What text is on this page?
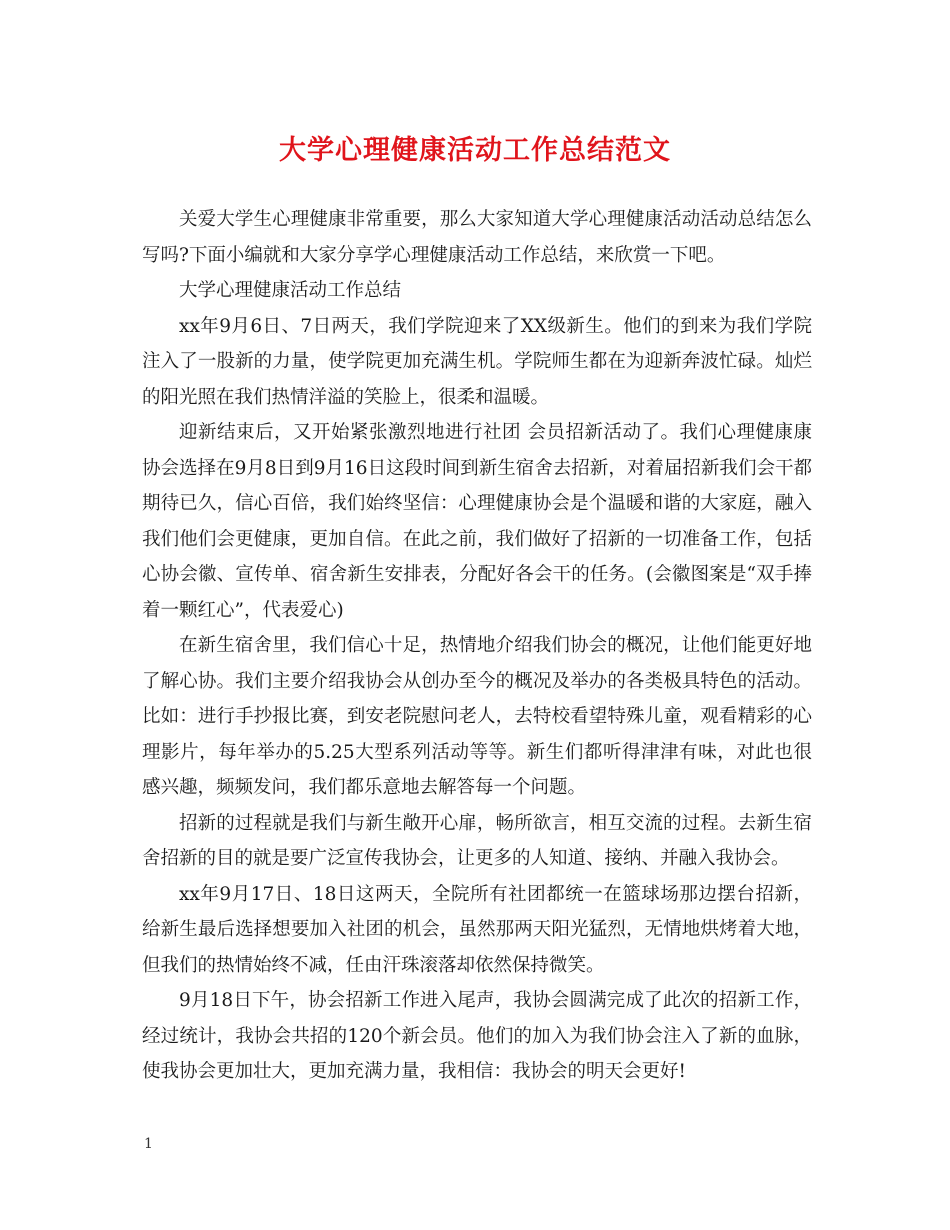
大学心理健康活动工作总结范文

关爱大学生心理健康非常重要，那么大家知道大学心理健康活动活动总结怎么写吗?下面小编就和大家分享学心理健康活动工作总结，来欣赏一下吧。

大学心理健康活动工作总结

xx年9月6日、7日两天，我们学院迎来了XX级新生。他们的到来为我们学院注入了一股新的力量，使学院更加充满生机。学院师生都在为迎新奔波忙碌。灿烂的阳光照在我们热情洋溢的笑脸上，很柔和温暖。

迎新结束后，又开始紧张激烈地进行社团 会员招新活动了。我们心理健康康协会选择在9月8日到9月16日这段时间到新生宿舍去招新，对着届招新我们会干都期待已久，信心百倍，我们始终坚信：心理健康协会是个温暖和谐的大家庭，融入我们他们会更健康，更加自信。在此之前，我们做好了招新的一切准备工作，包括心协会徽、宣传单、宿舍新生安排表，分配好各会干的任务。(会徽图案是“双手捧着一颗红心”，代表爱心)

在新生宿舍里，我们信心十足，热情地介绍我们协会的概况，让他们能更好地了解心协。我们主要介绍我协会从创办至今的概况及举办的各类极具特色的活动。比如：进行手抄报比赛，到安老院慰问老人，去特校看望特殊儿童，观看精彩的心理影片，每年举办的5.25大型系列活动等等。新生们都听得津津有味，对此也很感兴趣，频频发问，我们都乐意地去解答每一个问题。

招新的过程就是我们与新生敞开心扉，畅所欲言，相互交流的过程。去新生宿舍招新的目的就是要广泛宣传我协会，让更多的人知道、接纳、并融入我协会。

xx年9月17日、18日这两天，全院所有社团都统一在篮球场那边摆台招新，给新生最后选择想要加入社团的机会，虽然那两天阳光猛烈，无情地烘烤着大地，但我们的热情始终不减，任由汗珠滚落却依然保持微笑。

9月18日下午，协会招新工作进入尾声，我协会圆满完成了此次的招新工作，经过统计，我协会共招的120个新会员。他们的加入为我们协会注入了新的血脉，使我协会更加壮大，更加充满力量，我相信：我协会的明天会更好!

1
